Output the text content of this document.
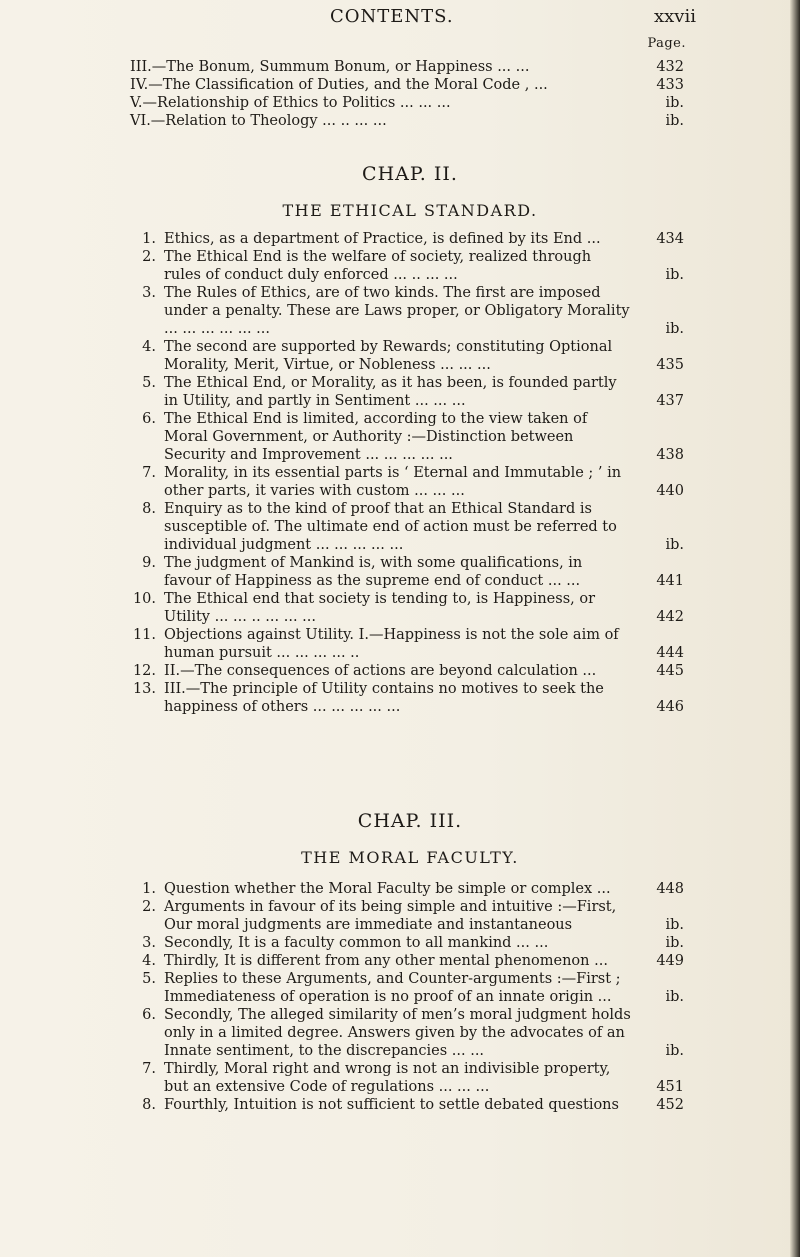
CONTENTS.	xxvii
Page.
III.—The Bonum, Summum Bonum, or Happiness ... ...	432
IV.—The Classification of Duties, and the Moral Code , ...	433
V.—Relationship of Ethics to Politics ... ... ...	ib.
VI.—Relation to Theology ... .. ... ...	ib.
CHAP. II.
THE ETHICAL STANDARD.
1. Ethics, as a department of Practice, is defined by its End ...	434
2. The Ethical End is the welfare of society, realized through rules of conduct duly enforced ... .. ... ...	ib.
3. The Rules of Ethics, are of two kinds. The first are imposed under a penalty. These are Laws proper, or Obligatory Morality ... ... ... ... ... ...	ib.
4. The second are supported by Rewards; constituting Optional Morality, Merit, Virtue, or Nobleness ... ... ...	435
5. The Ethical End, or Morality, as it has been, is founded partly in Utility, and partly in Sentiment ... ... ...	437
6. The Ethical End is limited, according to the view taken of Moral Government, or Authority :—Distinction between Security and Improvement ... ... ... ... ...	438
7. Morality, in its essential parts is ‘ Eternal and Immutable ; ’ in other parts, it varies with custom ... ... ...	440
8. Enquiry as to the kind of proof that an Ethical Standard is susceptible of. The ultimate end of action must be referred to individual judgment ... ... ... ... ...	ib.
9. The judgment of Mankind is, with some qualifications, in favour of Happiness as the supreme end of conduct ... ...	441
10. The Ethical end that society is tending to, is Happiness, or Utility ... ... .. ... ... ...	442
11. Objections against Utility. I.—Happiness is not the sole aim of human pursuit ... ... ... ... ..	444
12. II.—The consequences of actions are beyond calculation ...	445
13. III.—The principle of Utility contains no motives to seek the happiness of others ... ... ... ... ...	446
CHAP. III.
THE MORAL FACULTY.
1. Question whether the Moral Faculty be simple or complex ...	448
2. Arguments in favour of its being simple and intuitive :—First, Our moral judgments are immediate and instantaneous	ib.
3. Secondly, It is a faculty common to all mankind ... ...	ib.
4. Thirdly, It is different from any other mental phenomenon ...	449
5. Replies to these Arguments, and Counter-arguments :—First ; Immediateness of operation is no proof of an innate origin ...	ib.
6. Secondly, The alleged similarity of men’s moral judgment holds only in a limited degree. Answers given by the advocates of an Innate sentiment, to the discrepancies ... ...	ib.
7. Thirdly, Moral right and wrong is not an indivisible property, but an extensive Code of regulations ... ... ...	451
8. Fourthly, Intuition is not sufficient to settle debated questions	452
